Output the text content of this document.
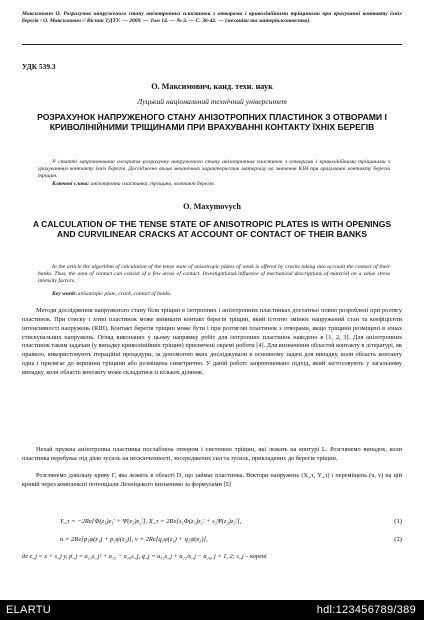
Максимович О. Розрахунок напруженого стану анізотропних пластинок з отворами і криволінійними тріщинами при врахуванні контакту їхніх берегів / О. Максимович // Вісник ТДТУ. — 2009. — Том 14. — № 3. — С. 36-42. — (механіка та матеріалознавство).
УДК 539.3
О. Максимович, канд. техн. наук
Луцький національний технічний університет
РОЗРАХУНОК НАПРУЖЕНОГО СТАНУ АНІЗОТРОПНИХ ПЛАСТИНОК З ОТВОРАМИ І КРИВОЛІНІЙНИМИ ТРІЩИНАМИ ПРИ ВРАХУВАННІ КОНТАКТУ ЇХНІХ БЕРЕГІВ
У статті запропоновано алгоритм розрахунку напруженого стану анізотропних пластинок з отворами і криволінійними тріщинами з урахуванням контакту їхніх берегів. Досліджено вплив механічних характеристик матеріалу на значення КІН при врахуванні контакту берегів тріщин.
Ключові слова: анізотропна пластинка, тріщина, контакт берегів.
O. Maxymovych
A CALCULATION OF THE TENSE STATE OF ANISOTROPIC PLATES IS WITH OPENINGS AND CURVILINEAR CRACKS AT ACCOUNT OF CONTACT OF THEIR BANKS
In the article the algorithm of calculation of the tense state of anisotropic plates of weak is offered by cracks taking into account the contact of their banks. Thus, the area of contact can consist of a few areas of contact. Investigational influence of mechanical descriptions of material on a value stress intensity factors.
Key words:anisotropic plate, crack, contact of banks.

Методи дослідження напруженого стану біля тріщин в ізотропних і анізотропних пластинках достатньо повно розроблені при розтягу пластинок. При стиску і згині пластинок може виникати контакт берегів тріщин, який істотно змінює напружений стан та коефіцієнти інтенсивності напружень (КІН). Контакт берегів тріщин може бути і при розтягові пластинок з отворами, якщо тріщини розміщені в зонах стискувальних напружень. Огляд виконаних у цьому напрямку робіт для ізотропних пластинок наведено в [1, 2, 3]. Для анізотропних пластинок таким задачам (у випадку криволінійних тріщин) присвячені окремі роботи [4]. Для визначення областей контакту в літературі, як правило, використовують ітераційні процедури, за допомогою яких досліджували в основному задачі для випадку, коли область контакту одна і прилягає до вершини тріщини або розміщена симетрично. У даній роботі запропоновано підхід, який застосовують у загальному випадку, коли область контакту може складатися із кількох ділянок.

Нехай пружна анізотропна пластинка послаблена отвором і системою тріщин, які лежать на контурі L. Розглянемо випадок, коли пластинка перебуває під дією зусиль на нескінченності, зосереджених сил та зусиль, прикладених до берегів тріщин.

Розглянемо довільну криву Г, яка лежить в області D, що займає пластинка. Вектори напружень (X_τ, Y_τ) і переміщень (u, v) на цій кривій через комплексні потенціали Лехніцького визначимо за формулами [5]

Y_τ = −2Re[Φ(z₁)z₁′ + Ψ(z₂)z₂′], X_τ = 2Re[s₁Φ(z₁)z₁′ + s₂Ψ(z₂)z₂′],	(1)
u = 2Re[p₁φ(z₁) + p₂ψ(z₂)], v = 2Re[q₁φ(z₁) + q₂ψ(z₂)],	(2)
де z_j = x + s_j y, p_j = a₁₁s_j² + a₁₂ − a₁₆s_j, q_j = a₁₂s_j + a₂₂/s_j − a₂₆, j = 1, 2; s_j – корені
ELARTU	hdl:123456789/389
